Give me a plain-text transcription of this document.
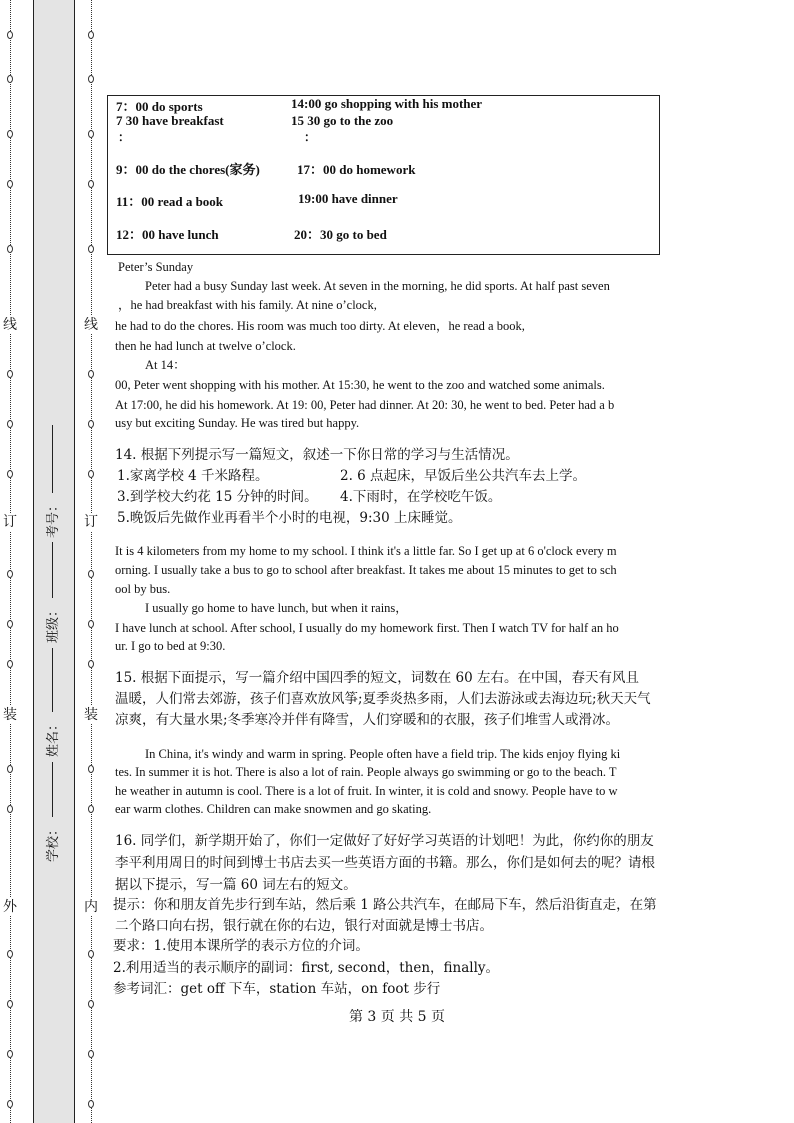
线
订
装
外
线
订
装
内
考号：
班级：
姓名：
学校：
7：00 do sports	14:00 go shopping with his mother
7 30 have breakfast	15 30 go to the zoo
：	：
9：00 do the chores(家务)	17：00 do homework
11：00 read a book	19:00 have dinner
12：00 have lunch	20：30 go to bed
Peter’s Sunday
Peter had a busy Sunday last week. At seven in the morning, he did sports. At half past seven
，he had breakfast with his family. At nine o’clock,
he had to do the chores. His room was much too dirty. At eleven，he read a book,
then he had lunch at twelve o’clock.
At 14：
00, Peter went shopping with his mother. At 15:30, he went to the zoo and watched some animals.
At 17:00, he did his homework. At 19: 00, Peter had dinner. At 20: 30, he went to bed. Peter had a b
usy but exciting Sunday. He was tired but happy.
14. 根据下列提示写一篇短文，叙述一下你日常的学习与生活情况。
1.家离学校 4 千米路程。	2. 6 点起床，早饭后坐公共汽车去上学。
3.到学校大约花 15 分钟的时间。 4.下雨时，在学校吃午饭。
5.晚饭后先做作业再看半个小时的电视，9:30 上床睡觉。
It is 4 kilometers from my home to my school. I think it's a little far. So I get up at 6 o'clock every m
orning. I usually take a bus to go to school after breakfast. It takes me about 15 minutes to get to sch
ool by bus.
I usually go home to have lunch, but when it rains，
I have lunch at school. After school, I usually do my homework first. Then I watch TV for half an ho
ur. I go to bed at 9:30.
15. 根据下面提示，写一篇介绍中国四季的短文，词数在 60 左右。在中国，春天有风且
温暖，人们常去郊游，孩子们喜欢放风筝;夏季炎热多雨，人们去游泳或去海边玩;秋天天气
凉爽，有大量水果;冬季寒冷并伴有降雪，人们穿暖和的衣服，孩子们堆雪人或滑冰。
In China, it's windy and warm in spring. People often have a field trip. The kids enjoy flying ki
tes. In summer it is hot. There is also a lot of rain. People always go swimming or go to the beach. T
he weather in autumn is cool. There is a lot of fruit. In winter, it is cold and snowy. People have to w
ear warm clothes. Children can make snowmen and go skating.
16. 同学们，新学期开始了，你们一定做好了好好学习英语的计划吧！为此，你约你的朋友
李平利用周日的时间到博士书店去买一些英语方面的书籍。那么，你们是如何去的呢？请根
据以下提示，写一篇 60 词左右的短文。
提示：你和朋友首先步行到车站，然后乘 1 路公共汽车，在邮局下车，然后沿街直走，在第
二个路口向右拐，银行就在你的右边，银行对面就是博士书店。
要求：1.使用本课所学的表示方位的介词。
2.利用适当的表示顺序的副词：first, second，then，finally。
参考词汇：get off 下车，station 车站，on foot 步行
第 3 页 共 5 页
